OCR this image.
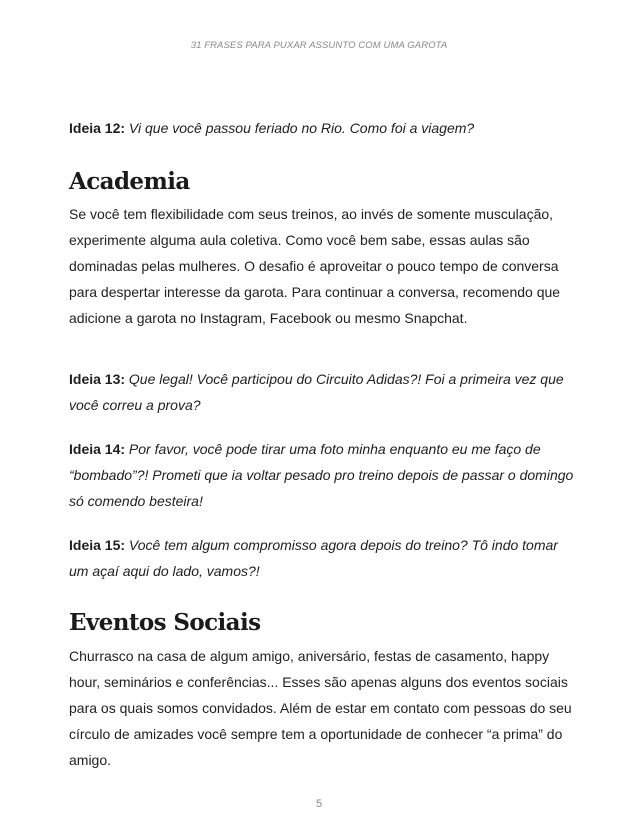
31 FRASES PARA PUXAR ASSUNTO COM UMA GAROTA

Ideia 12: Vi que você passou feriado no Rio. Como foi a viagem?

Academia

Se você tem flexibilidade com seus treinos, ao invés de somente musculação, experimente alguma aula coletiva. Como você bem sabe, essas aulas são dominadas pelas mulheres. O desafio é aproveitar o pouco tempo de conversa para despertar interesse da garota. Para continuar a conversa, recomendo que adicione a garota no Instagram, Facebook ou mesmo Snapchat.

Ideia 13: Que legal! Você participou do Circuito Adidas?! Foi a primeira vez que você correu a prova?

Ideia 14: Por favor, você pode tirar uma foto minha enquanto eu me faço de “bombado”?! Prometi que ia voltar pesado pro treino depois de passar o domingo só comendo besteira!

Ideia 15: Você tem algum compromisso agora depois do treino? Tô indo tomar um açaí aqui do lado, vamos?!

Eventos Sociais

Churrasco na casa de algum amigo, aniversário, festas de casamento, happy hour, seminários e conferências... Esses são apenas alguns dos eventos sociais para os quais somos convidados. Além de estar em contato com pessoas do seu círculo de amizades você sempre tem a oportunidade de conhecer “a prima” do amigo.

5
